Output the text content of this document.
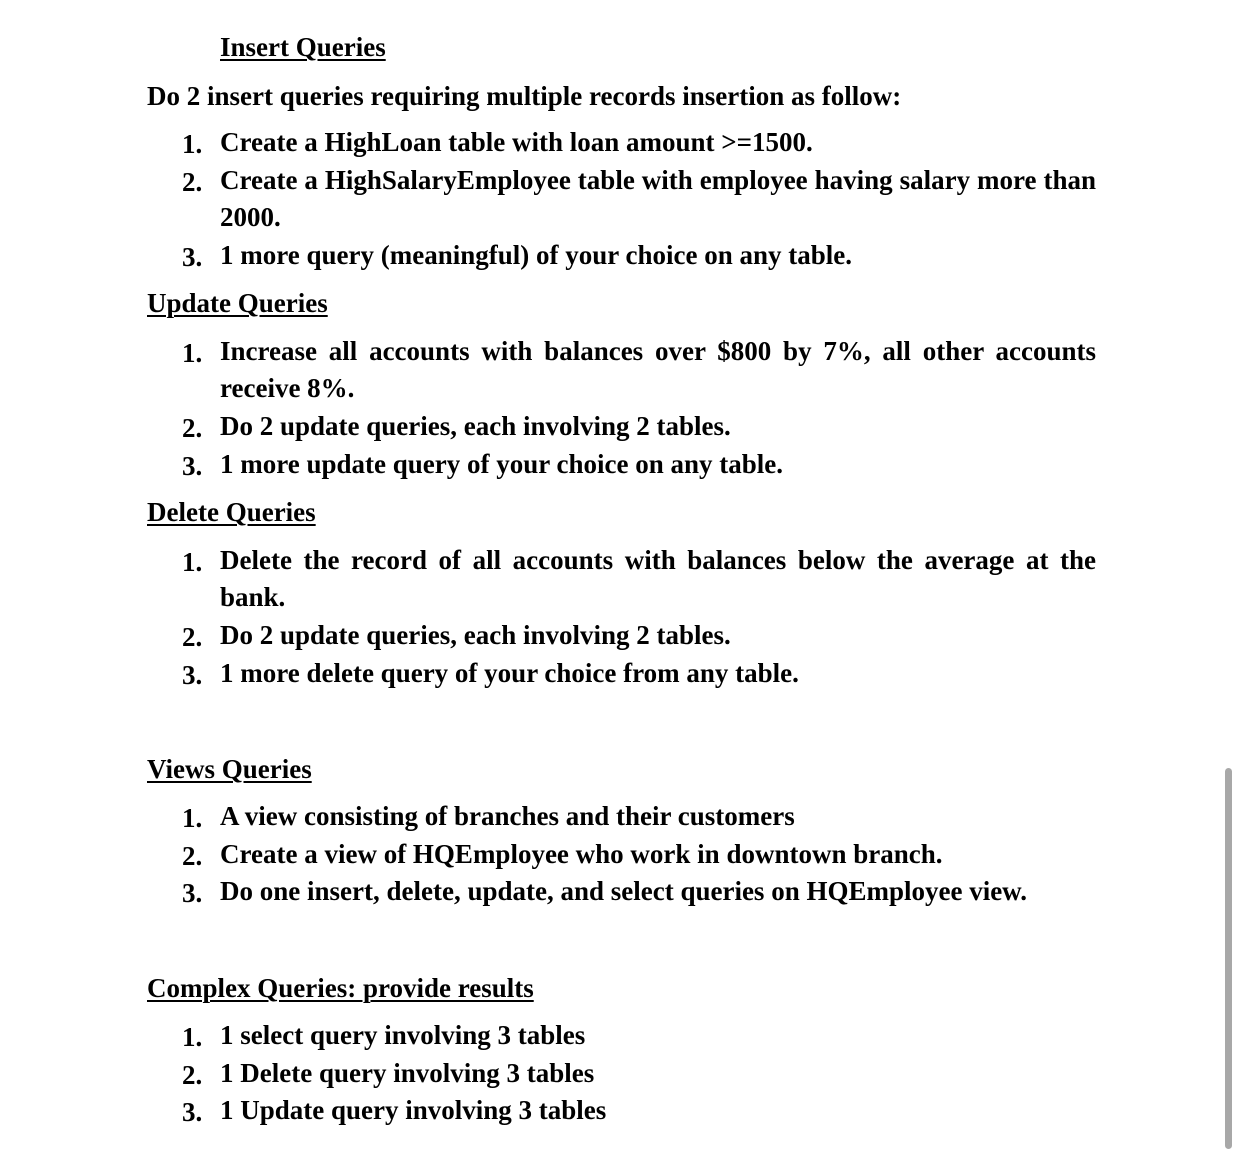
Insert Queries
Do 2 insert queries requiring multiple records insertion as follow:
1. Create a HighLoan table with loan amount >=1500.
2. Create a HighSalaryEmployee table with employee having salary more than 2000.
3. 1 more query (meaningful) of your choice on any table.
Update Queries
1. Increase all accounts with balances over $800 by 7%, all other accounts receive 8%.
2. Do 2 update queries, each involving 2 tables.
3. 1 more update query of your choice on any table.
Delete Queries
1. Delete the record of all accounts with balances below the average at the bank.
2. Do 2 update queries, each involving 2 tables.
3. 1 more delete query of your choice from any table.
Views Queries
1. A view consisting of branches and their customers
2. Create a view of HQEmployee who work in downtown branch.
3. Do one insert, delete, update, and select queries on HQEmployee view.
Complex Queries: provide results
1. 1 select query involving 3 tables
2. 1 Delete query involving 3 tables
3. 1 Update query involving 3 tables
